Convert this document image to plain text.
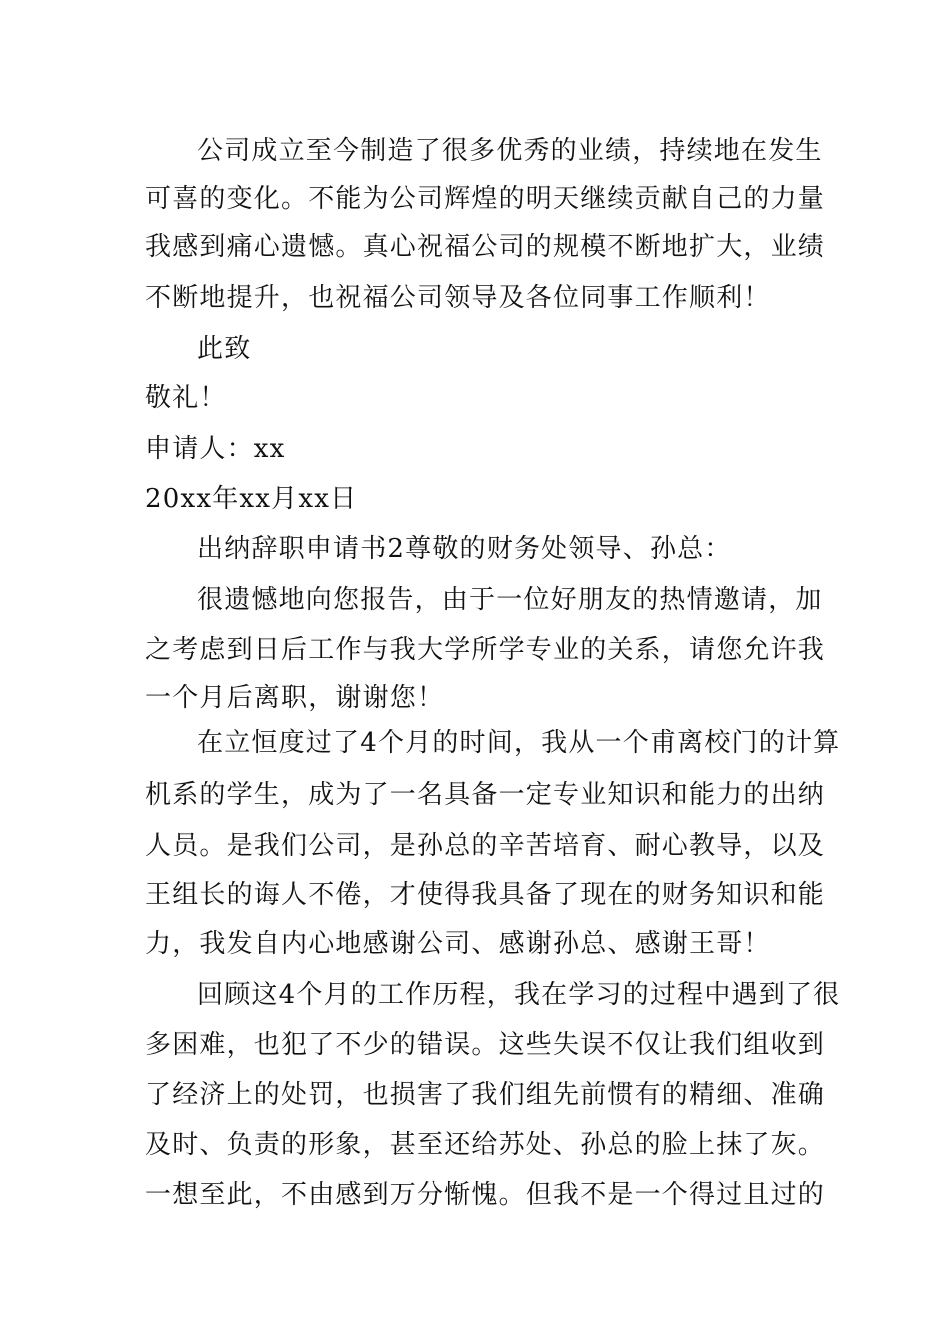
公司成立至今制造了很多优秀的业绩，持续地在发生
可喜的变化。不能为公司辉煌的明天继续贡献自己的力量
我感到痛心遗憾。真心祝福公司的规模不断地扩大，业绩
不断地提升，也祝福公司领导及各位同事工作顺利！
此致
敬礼！
申请人：xx
20xx年xx月xx日
出纳辞职申请书2尊敬的财务处领导、孙总：
很遗憾地向您报告，由于一位好朋友的热情邀请，加
之考虑到日后工作与我大学所学专业的关系，请您允许我
一个月后离职，谢谢您！
在立恒度过了4个月的时间，我从一个甫离校门的计算
机系的学生，成为了一名具备一定专业知识和能力的出纳
人员。是我们公司，是孙总的辛苦培育、耐心教导，以及
王组长的诲人不倦，才使得我具备了现在的财务知识和能
力，我发自内心地感谢公司、感谢孙总、感谢王哥！
回顾这4个月的工作历程，我在学习的过程中遇到了很
多困难，也犯了不少的错误。这些失误不仅让我们组收到
了经济上的处罚，也损害了我们组先前惯有的精细、准确
及时、负责的形象，甚至还给苏处、孙总的脸上抹了灰。
一想至此，不由感到万分惭愧。但我不是一个得过且过的
